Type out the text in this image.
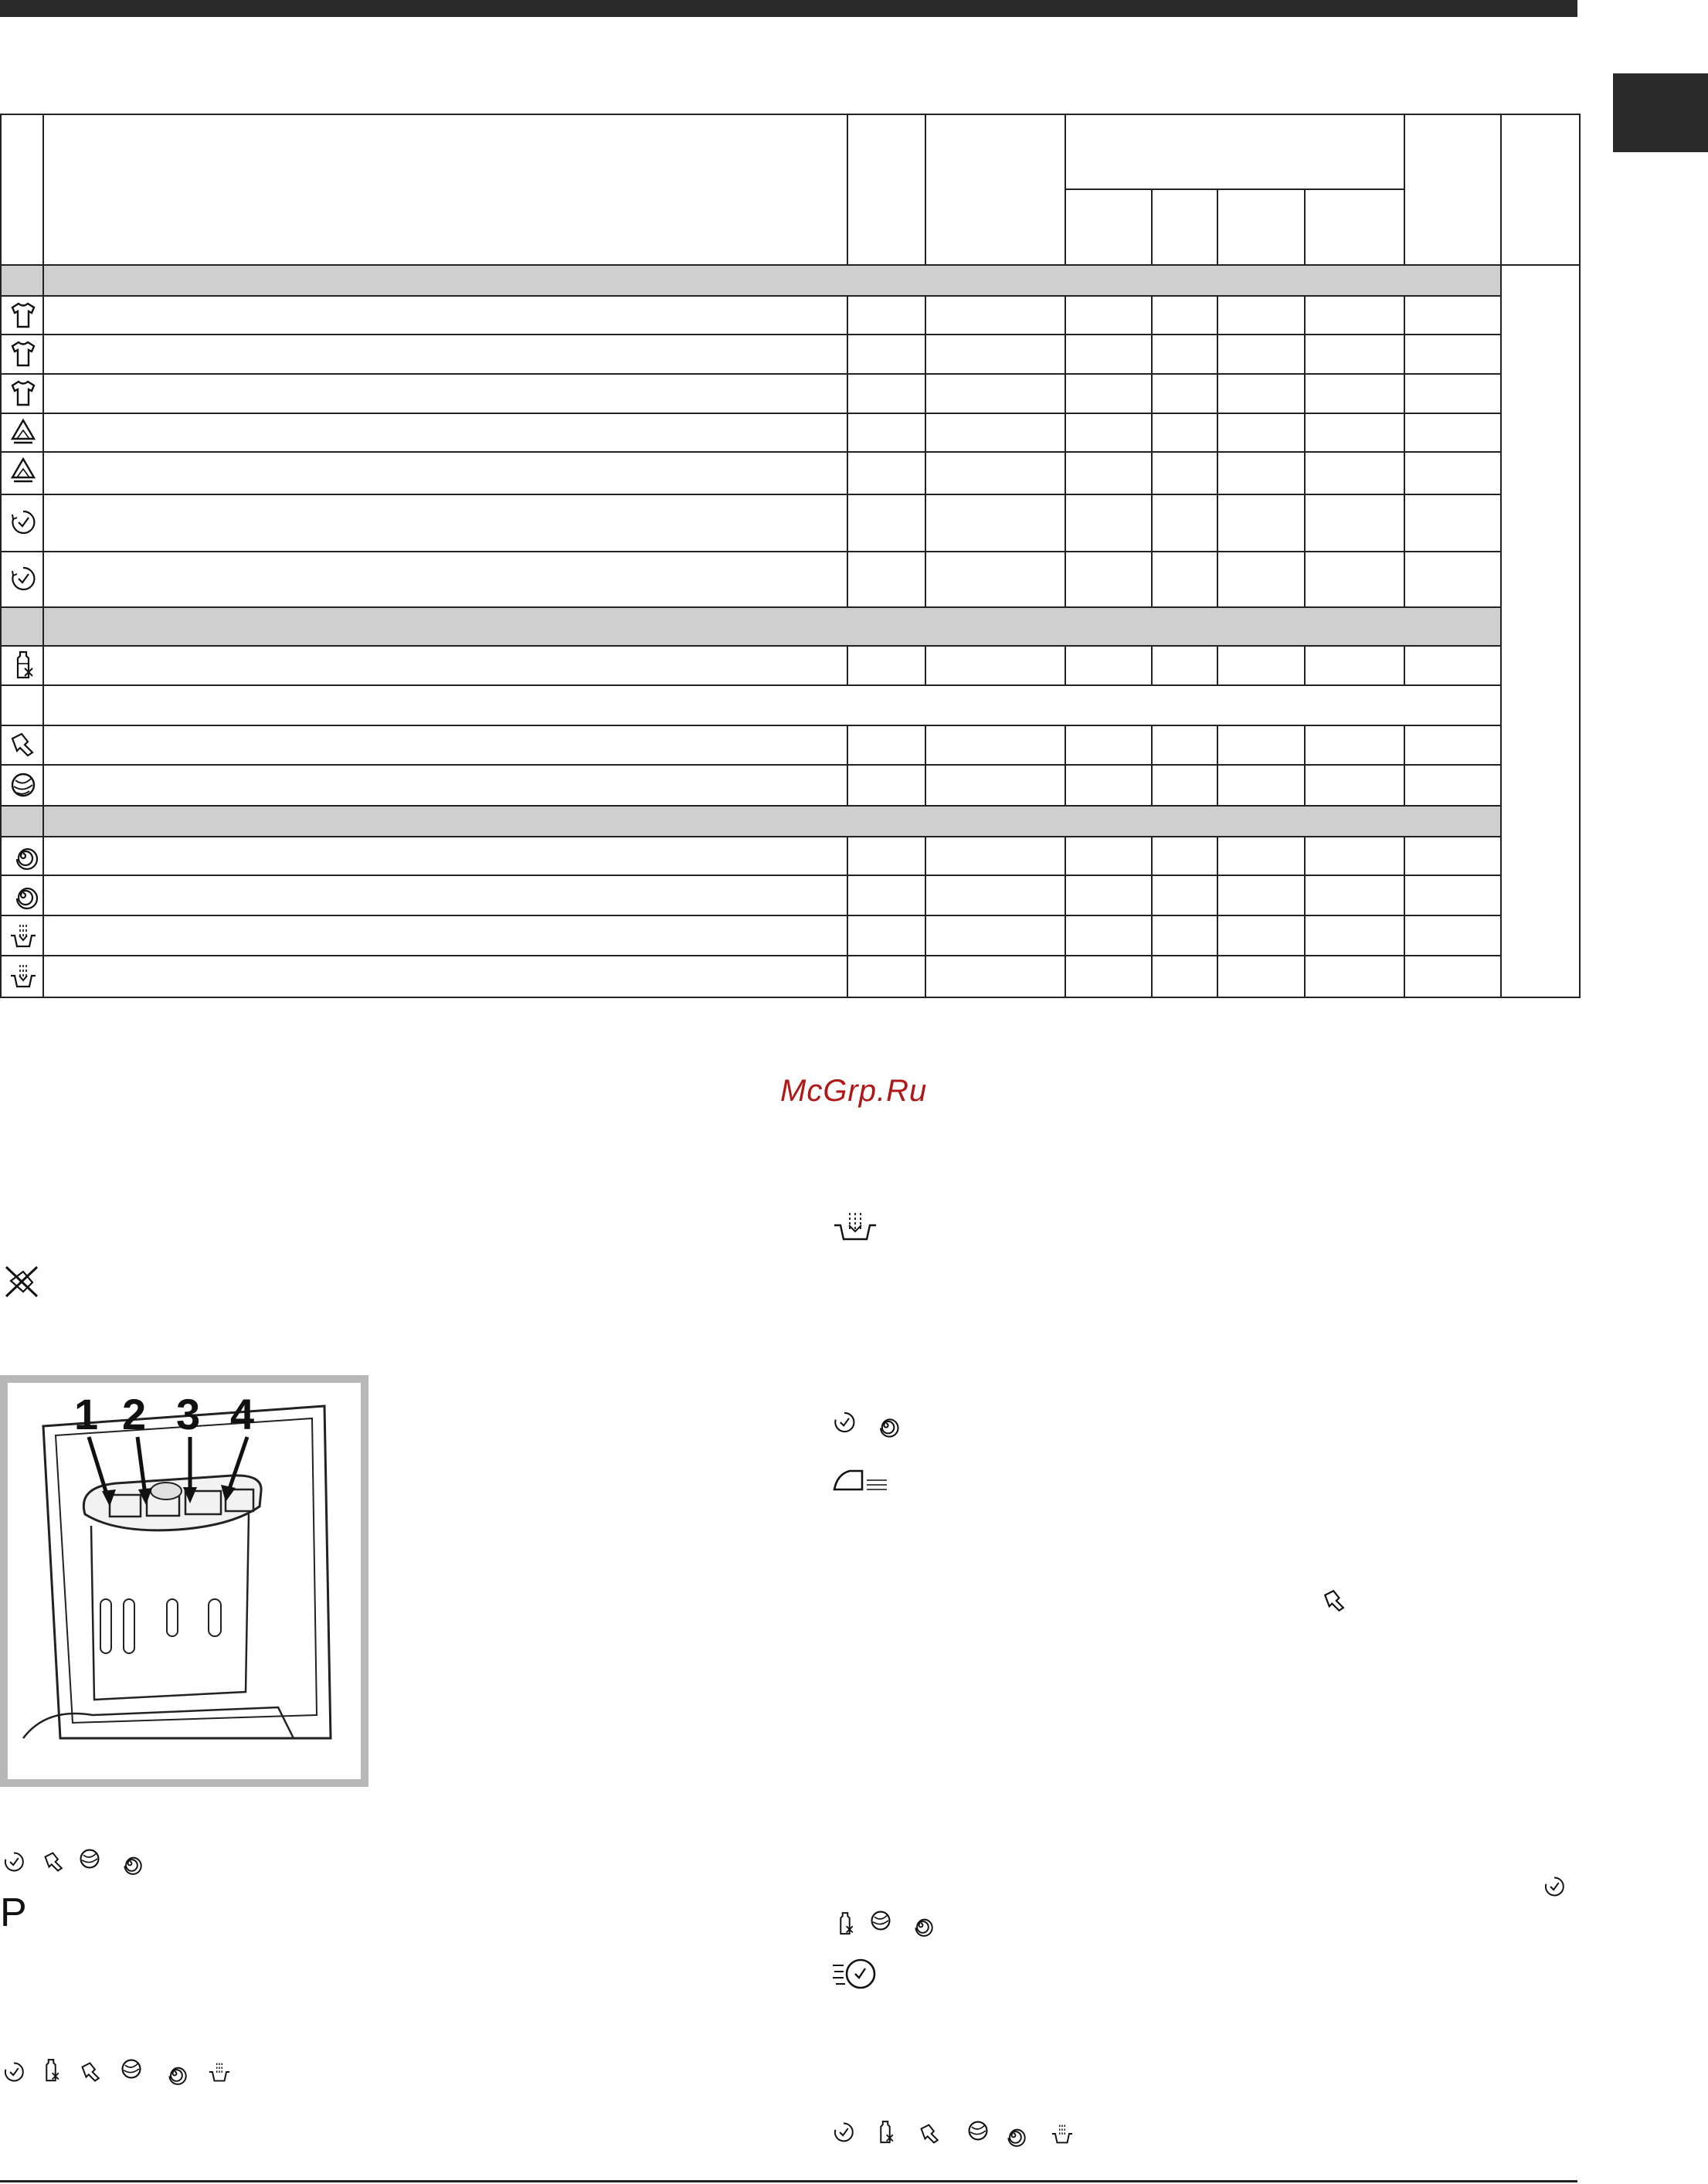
McGrp.Ru
1 2 3 4
P
